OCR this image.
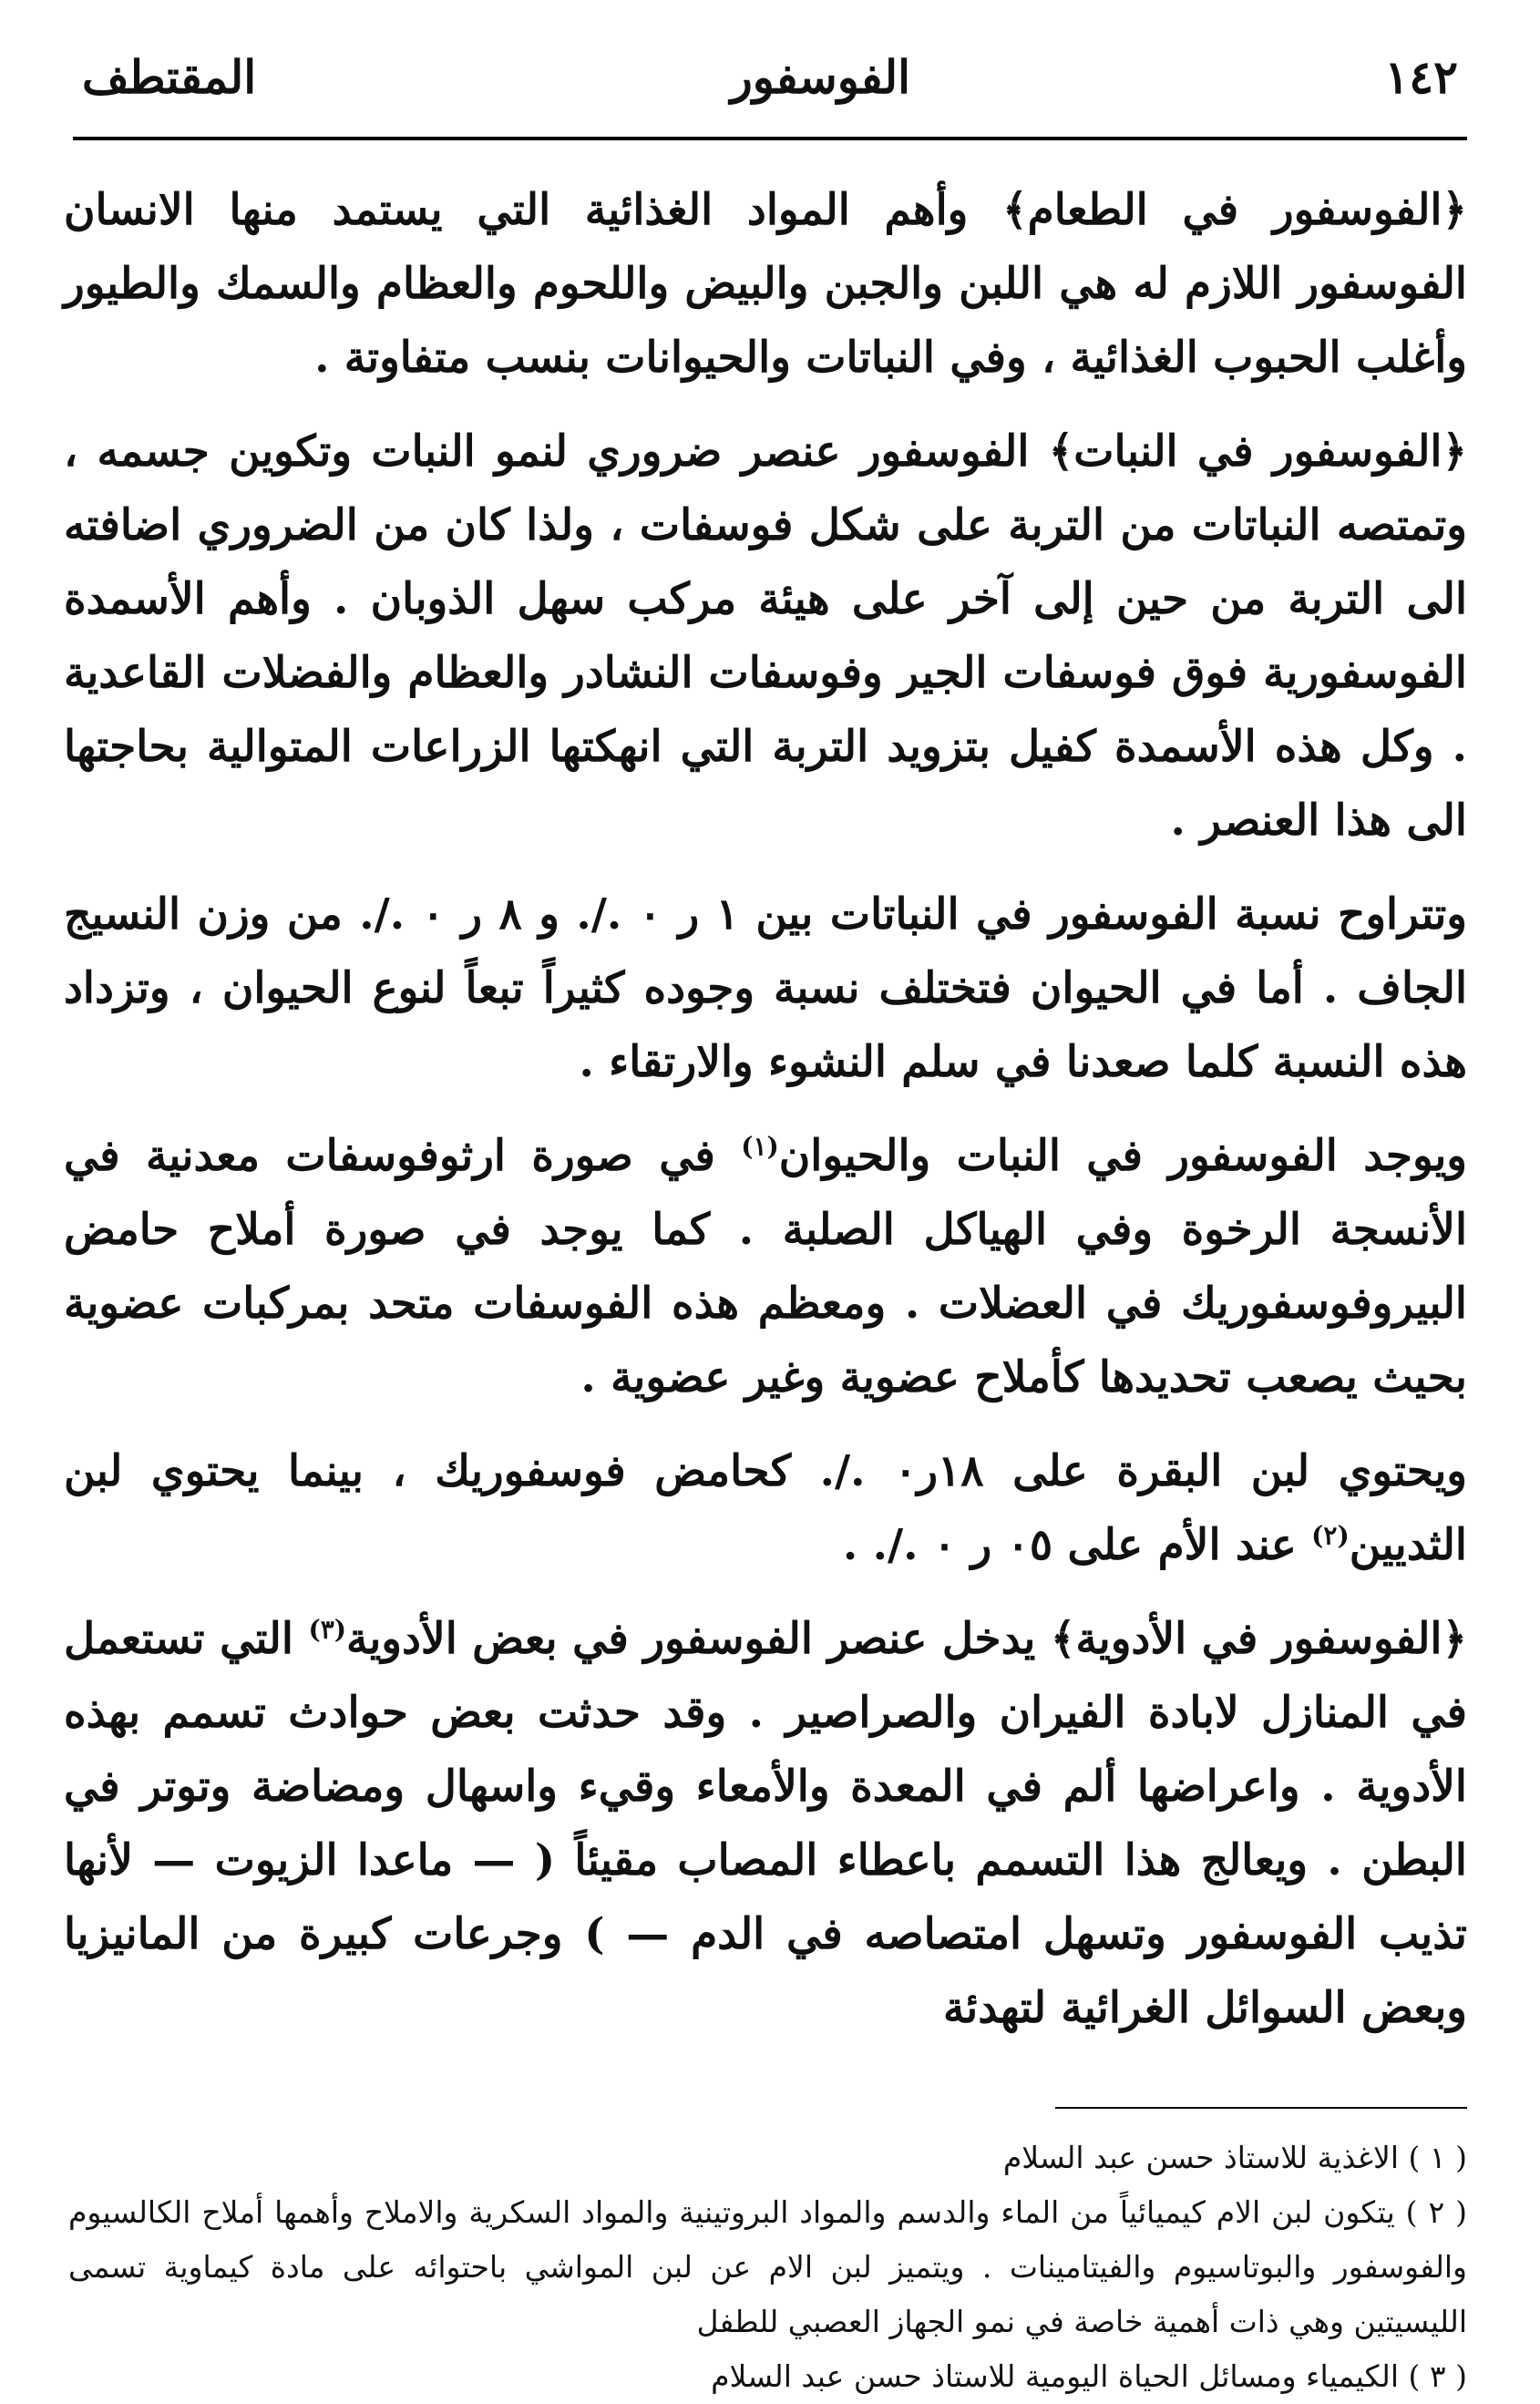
١٤٢
الفوسفور
المقتطف

﴿الفوسفور في الطعام﴾ وأهم المواد الغذائية التي يستمد منها الانسان الفوسفور اللازم له هي اللبن والجبن والبيض واللحوم والعظام والسمك والطيور وأغلب الحبوب الغذائية ، وفي النباتات والحيوانات بنسب متفاوتة .

﴿الفوسفور في النبات﴾ الفوسفور عنصر ضروري لنمو النبات وتكوين جسمه ، وتمتصه النباتات من التربة على شكل فوسفات ، ولذا كان من الضروري اضافته الى التربة من حين إلى آخر على هيئة مركب سهل الذوبان . وأهم الأسمدة الفوسفورية فوق فوسفات الجير وفوسفات النشادر والعظام والفضلات القاعدية . وكل هذه الأسمدة كفيل بتزويد التربة التي انهكتها الزراعات المتوالية بحاجتها الى هذا العنصر .

وتتراوح نسبة الفوسفور في النباتات بين ١ ر ٠ ./. و ٨ ر ٠ ./. من وزن النسيج الجاف . أما في الحيوان فتختلف نسبة وجوده كثيراً تبعاً لنوع الحيوان ، وتزداد هذه النسبة كلما صعدنا في سلم النشوء والارتقاء .

ويوجد الفوسفور في النبات والحيوان$^{(١)}$ في صورة ارثوفوسفات معدنية في الأنسجة الرخوة وفي الهياكل الصلبة . كما يوجد في صورة أملاح حامض البيروفوسفوريك في العضلات . ومعظم هذه الفوسفات متحد بمركبات عضوية بحيث يصعب تحديدها كأملاح عضوية وغير عضوية .

ويحتوي لبن البقرة على ١٨ر٠ ./. كحامض فوسفوريك ، بينما يحتوي لبن الثديين$^{(٢)}$ عند الأم على ٠٥ ر ٠ ./. .

﴿الفوسفور في الأدوية﴾ يدخل عنصر الفوسفور في بعض الأدوية$^{(٣)}$ التي تستعمل في المنازل لابادة الفيران والصراصير . وقد حدثت بعض حوادث تسمم بهذه الأدوية . واعراضها ألم في المعدة والأمعاء وقيء واسهال ومضاضة وتوتر في البطن . ويعالج هذا التسمم باعطاء المصاب مقيئاً ( — ماعدا الزيوت — لأنها تذيب الفوسفور وتسهل امتصاصه في الدم — ) وجرعات كبيرة من المانيزيا وبعض السوائل الغرائية لتهدئة

( ١ ) الاغذية للاستاذ حسن عبد السلام

( ٢ ) يتكون لبن الام كيميائياً من الماء والدسم والمواد البروتينية والمواد السكرية والاملاح وأهمها أملاح الكالسيوم والفوسفور والبوتاسيوم والفيتامينات . ويتميز لبن الام عن لبن المواشي باحتوائه على مادة كيماوية تسمى الليسيتين وهي ذات أهمية خاصة في نمو الجهاز العصبي للطفل

( ٣ ) الكيمياء ومسائل الحياة اليومية للاستاذ حسن عبد السلام
